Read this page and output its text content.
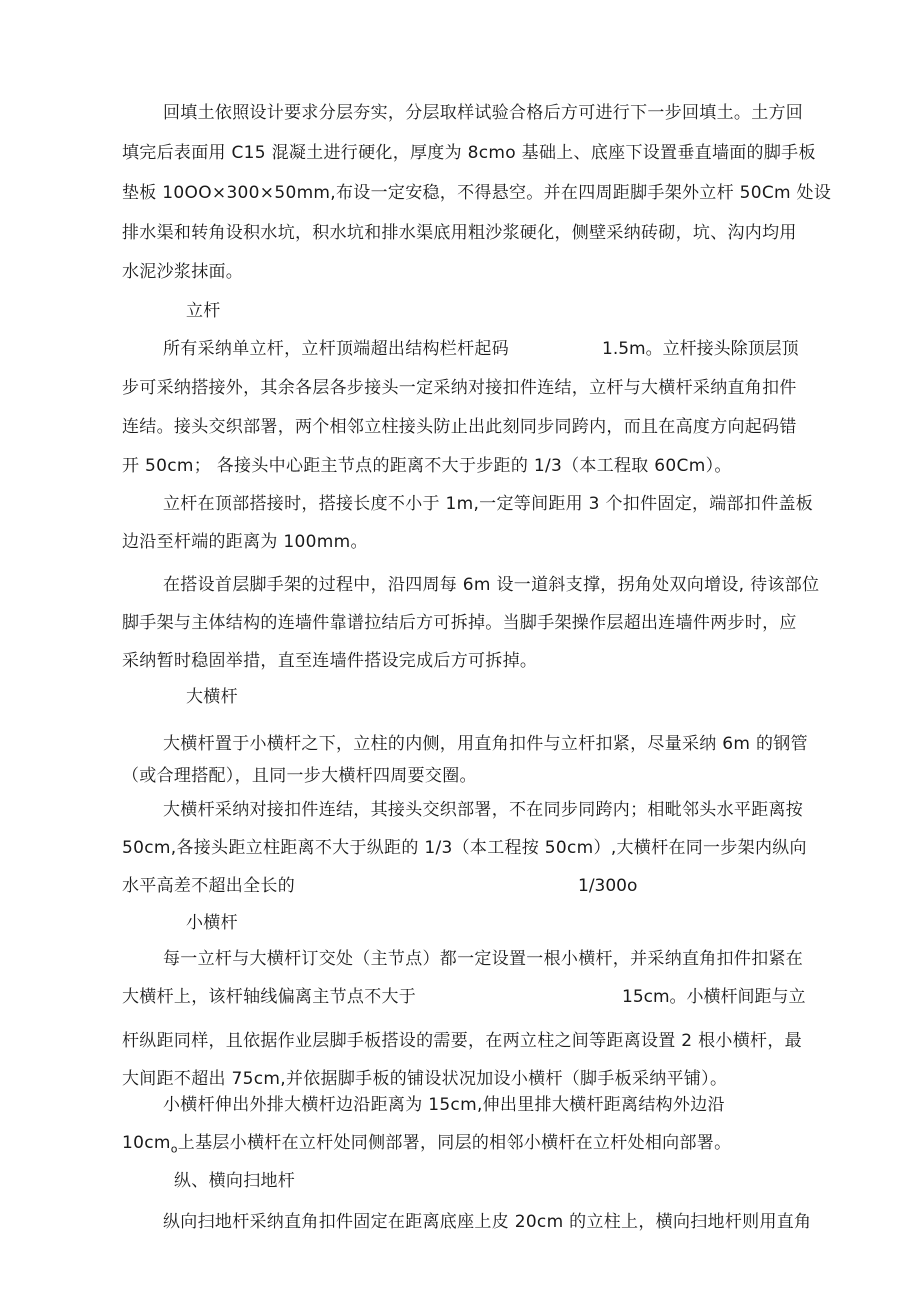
回填土依照设计要求分层夯实，分层取样试验合格后方可进行下一步回填土。土方回
填完后表面用 C15 混凝土进行硬化，厚度为 8cmo 基础上、底座下设置垂直墙面的脚手板
垫板 10OO×300×50mm,布设一定安稳，不得悬空。并在四周距脚手架外立杆 50Cm 处设
排水渠和转角设积水坑，积水坑和排水渠底用粗沙浆硬化，侧壁采纳砖砌，坑、沟内均用
水泥沙浆抹面。
立杆
所有采纳单立杆，立杆顶端超出结构栏杆起码	1.5m。立杆接头除顶层顶
步可采纳搭接外，其余各层各步接头一定采纳对接扣件连结，立杆与大横杆采纳直角扣件
连结。接头交织部署，两个相邻立柱接头防止出此刻同步同跨内，而且在高度方向起码错
开 50cm； 各接头中心距主节点的距离不大于步距的 1/3（本工程取 60Cm）。
立杆在顶部搭接时，搭接长度不小于 1m,一定等间距用 3 个扣件固定，端部扣件盖板
边沿至杆端的距离为 100mm。
在搭设首层脚手架的过程中，沿四周每 6m 设一道斜支撑，拐角处双向增设, 待该部位
脚手架与主体结构的连墙件靠谱拉结后方可拆掉。当脚手架操作层超出连墙件两步时，应
采纳暂时稳固举措，直至连墙件搭设完成后方可拆掉。
大横杆
大横杆置于小横杆之下，立柱的内侧，用直角扣件与立杆扣紧，尽量采纳 6m 的钢管
（或合理搭配），且同一步大横杆四周要交圈。
大横杆采纳对接扣件连结，其接头交织部署，不在同步同跨内；相毗邻头水平距离按
50cm,各接头距立柱距离不大于纵距的 1/3（本工程按 50cm）,大横杆在同一步架内纵向
水平高差不超出全长的	1/300o
小横杆
每一立杆与大横杆订交处（主节点）都一定设置一根小横杆，并采纳直角扣件扣紧在
大横杆上，该杆轴线偏离主节点不大于	15cm。小横杆间距与立
杆纵距同样，且依据作业层脚手板搭设的需要，在两立柱之间等距离设置 2 根小横杆，最
大间距不超出 75cm,并依据脚手板的铺设状况加设小横杆（脚手板采纳平铺）。
小横杆伸出外排大横杆边沿距离为 15cm,伸出里排大横杆距离结构外边沿
$10cm_o$上基层小横杆在立杆处同侧部署，同层的相邻小横杆在立杆处相向部署。
纵、横向扫地杆
纵向扫地杆采纳直角扣件固定在距离底座上皮 20cm 的立柱上，横向扫地杆则用直角
